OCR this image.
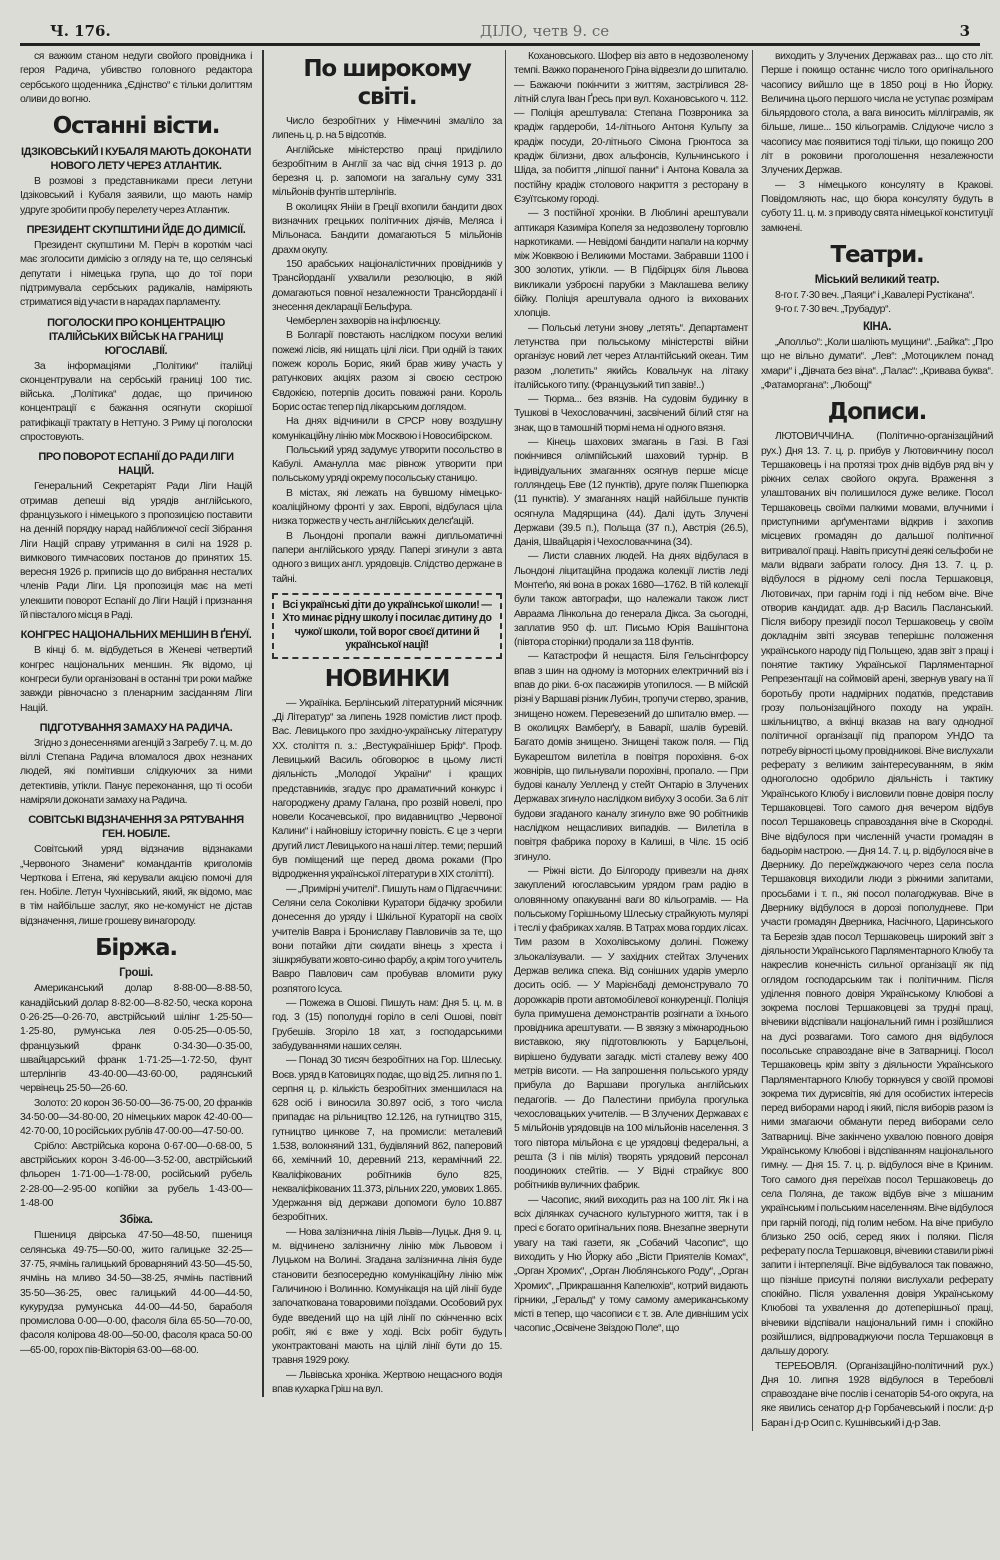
Ч. 176.	ДІЛО, четв 9. се	3

ся важким станом недуги свойого провідника і героя Радича, убивство головного редактора сербського щоденника „Єдінство“ є тільки долиттям оливи до вогню.

Останні вісти.
ІДЗІКОВСЬКИЙ І КУБАЛЯ МАЮТЬ ДОКОНАТИ НОВОГО ЛЕТУ ЧЕРЕЗ АТЛАНТИК.

В розмові з представниками преси летуни Ідзіковський і Кубаля заявили, що мають намір удруге зробити пробу перелету через Атлантик.

ПРЕЗИДЕНТ СКУПШТИНИ ЙДЕ ДО ДИМІСІЇ.

Президент скупштини М. Періч в короткім часі має зголосити димісію з огляду на те, що селянські депутати і німецька група, що до тої пори підтримувала сербських радикалів, наміряють стриматися від участи в нарадах парламенту.

ПОГОЛОСКИ ПРО КОНЦЕНТРАЦІЮ ІТАЛІЙСЬКИХ ВІЙСЬК НА ГРАНИЦІ ЮГОСЛАВІЇ.

За інформаціями „Політики“ італійці сконцентрували на сербській границі 100 тис. війська. „Політика“ додає, що причиною концентрації є бажання осягнути скорішої ратифікації трактату в Неттуно. З Риму ці поголоски спростовують.

ПРО ПОВОРОТ ЕСПАНІЇ ДО РАДИ ЛІГИ НАЦІЙ.

Генеральний Секретаріят Ради Ліги Націй отримав депеші від урядів англійського, французького і німецького з пропозицією поставити на денній порядку нарад найближчої сесії Зібрання Ліги Націй справу утримання в силі на 1928 р. вимкового тимчасових постанов до принятих 15. вересня 1926 р. приписів що до вибрання несталих членів Ради Ліги. Ця пропозиція має на меті улекшити поворот Еспанії до Ліги Націй і признання їй півсталого місця в Раді.

КОНГРЕС НАЦІОНАЛЬНИХ МЕНШИН В ҐЕНУЇ.

В кінці б. м. відбудеться в Женеві четвертий конгрес національних меншин. Як відомо, ці конгреси були організовані в останні три роки майже завжди рівночасно з пленарним засіданням Ліги Націй.

ПІДГОТУВАННЯ ЗАМАХУ НА РАДИЧА.

Згідно з донесеннями агенцій з Загребу 7. ц. м. до віллі Степана Радича вломалося двох незнаних людей, які помітивши слідкуючих за ними детективів, утікли. Панує переконання, що ті особи наміряли доконати замаху на Радича.

СОВІТСЬКІ ВІДЗНАЧЕННЯ ЗА РЯТУВАННЯ ГЕН. НОБІЛЕ.

Совітський уряд відзначив відзнаками „Червоного Знамени“ командантів криголомів Черткова і Еггена, які керували акцією помочі для ген. Нобіле. Летун Чухнівський, який, як відомо, має в тім найбільше заслуг, яко не-комуніст не дістав відзначення, лише грошеву винагороду.

Біржа.
Гроші.

Американський долар 8·88·00—8·88·50, канадійський долар 8·82·00—8·82·50, ческа корона 0·26·25—0·26·70, австрійський шілінг 1·25·50—1·25·80, румунська лея 0·05·25—0·05·50, французький франк 0·34·30—0·35·00, швайцарський франк 1·71·25—1·72·50, фунт штерлінгів 43·40·00—43·60·00, радянський червінець 25·50—26·60.

Золото: 20 корон 36·50·00—36·75·00, 20 франків 34·50·00—34·80·00, 20 німецьких марок 42·40·00—42·70·00, 10 російських рублів 47·00·00—47·50·00.

Срібло: Австрійська корона 0·67·00—0·68·00, 5 австрійських корон 3·46·00—3·52·00, австрійський фльорен 1·71·00—1·78·00, російський рубель 2·28·00—2·95·00 копійки за рубель 1·43·00—1·48·00

Збіжа.

Пшениця двірська 47·50—48·50, пшениця селянська 49·75—50·00, жито галицьке 32·25—37·75, ячмінь галицький броварняний 43·50—45·50, ячмінь на мливо 34·50—38·25, ячмінь пастівний 35·50—36·25, овес галицький 44·00—44·50, кукурудза румунська 44·00—44·50, бараболя промислова 0·00—0·00, фасоля біла 65·50—70·00, фасоля колірова 48·00—50·00, фасоля краса 50·00—65·00, горох пів-Вікторія 63·00—68·00.

По широкому світі.

Число безробітних у Німеччині змаліло за липень ц. р. на 5 відсотків.

Англійське міністерство праці приділило безробітним в Англії за час від січня 1913 р. до березня ц. р. запомоги на загальну суму 331 мільйонів фунтів штерлінгів.

В околицях Янііи в Греції вхопили бандити двох визначних грецьких політичних діячів, Меляса і Мільонаса. Бандити домагаються 5 мільйонів драхм окупу.

150 арабських націоналістичних провідників у Трансйорданії ухвалили резолюцію, в якій домагаються повної незалежности Трансйорданії і знесення декларації Бельфура.

Чемберлен захворів на інфлюєнцу.

В Болгарії повстають наслідком посухи великі пожежі лісів, які нищать цілі ліси. При одній із таких пожеж король Борис, який брав живу участь у ратункових акціях разом зі своєю сестрою Євдокією, потерпів досить поважні рани. Король Борис остає тепер під лікарським доглядом.

На днях відчинили в СРСР нову воздушну комунікаційну лінію між Москвою і Новосибірском.

Польський уряд задумує утворити посольство в Кабулі. Аманулла має рівнож утворити при польському уряді окрему посольську станицю.

В містах, які лежать на бувшому німецько-коаліційному фронті у зах. Европі, відбулася ціла низка торжеств у честь англійських делєґацій.

В Льондоні пропали важні дипльоматичні папери англійського уряду. Папері згинули з авта одного з вищих англ. урядовців. Слідство держане в тайні.

Всі українські діти до української школи! — Хто минає рідну школу і посилає дитину до чужої школи, той ворог своєї дитини й української нації!
НОВИНКИ

— Україніка. Берлінський літературний місячник „Ді Літератур“ за липень 1928 помістив лист проф. Вас. Левицького про західно-українську літературу XX. століття п. з.: „Вестукраїнішер Бріф“. Проф. Левицький Василь обговорює в цьому листі діяльність „Молодої України“ і кращих представників, згадує про драматичний конкурс і нагороджену драму Галана, про розвій новелі, про новели Косачевської, про видавництво „Червоної Калини“ і найновішу історичну повість. Є це з черги другий лист Левицького на наші літер. теми; перший був поміщений ще перед двома роками (Про відродження української літератури в XIX столітті).

— „Примірні учителі“. Пишуть нам о Підгаєччини: Селяни села Соколівки Куратори бідачку зробили донесення до уряду і Шкільної Кураторії на своїх учителів Вавра і Брониславу Павловичів за те, що вони потайки діти скидати вінець з хреста і зішкрябувати жовто-синю фарбу, а крім того учитель Вавро Павлович сам пробував вломити руку розпятого Ісуса.

— Пожежа в Ошові. Пишуть нам: Дня 5. ц. м. в год. 3 (15) пополудні горіло в селі Ошові, повіт Грубешів. Згоріло 18 хат, з господарськими забудуваннями наших селян.

— Понад 30 тисяч безробітних на Гор. Шлеську. Воєв. уряд в Катовицях подає, що від 25. липня по 1. серпня ц. р. кількість безробітних зменшилася на 628 осіб і виносила 30.897 осіб, з того числа припадає на рільництво 12.126, на гутництво 315, гутництво цинкове 7, на промисли: металевий 1.538, волокняний 131, будівляний 862, паперовий 66, хемічний 10, деревний 213, керамічний 22. Кваліфікованих робітників було 825, некваліфікованих 11.373, рільних 220, умових 1.865. Удержання від держави допомоги було 10.887 безробітних.

— Нова залізнична лінія Львів—Луцьк. Дня 9. ц. м. відчинено залізничну лінію між Львовом і Луцьком на Волині. Згадана залізнична лінія буде становити безпосередню комунікаційну лінію між Галичиною і Волинню. Комунікація на цій лінії буде започаткована товаровими поїздами. Особовий рух буде введений що на цій лінії по скінченню всіх робіт, які є вже у ході. Всіх робіт будуть уконтрактовані мають на цілій лінії бути до 15. травня 1929 року.

— Львівська хроніка. Жертвою нещасного водія впав кухарка Гріш на вул.

Кохановського. Шофер віз авто в недозволеному темпі. Важко пораненого Гріна відвезли до шпиталю. — Бажаючи покінчити з життям, застрілився 28-літній слуга Іван Ґресь при вул. Кохановського ч. 112. — Поліція арештувала: Степана Позвроника за крадіж гардероби, 14-літнього Антоня Кульпу за крадіж посуди, 20-літнього Сімона Грюнтоса за крадіж білизни, двох альфонсів, Кульчинського і Шіда, за побиття „ліпшої панни“ і Антона Ковала за постійну крадіж столового накриття з ресторану в Єзуїтському городі.

— З постійної хроніки. В Люблині арештували аптикаря Казиміра Копеля за недозволену торговлю наркотиками. — Невідомі бандити напали на корчму між Жовквою і Великими Мостами. Забравши 1100 і 300 золотих, утікли. — В Підбірцях біля Львова викликали узброєні парубки з Маклашева велику бійку. Поліція арештувала одного із вихованих хлопців.

— Польські летуни знову „летять“. Департамент летунства при польському міністерстві війни організує новий лет через Атлантійський океан. Тим разом „полетить“ якийсь Ковальчук на літаку італійського типу. (Французький тип завів!..)

— Тюрма... без вязнів. На судовім будинку в Тушкові в Чехословаччині, засвічений білий стяг на знак, що в тамошній тюрмі нема ні одного вязня.

— Кінець шахових змагань в Газі. В Газі покінчився олімпійський шаховий турнір. В індивідуальних змаганнях осягнув перше місце голляндець Еве (12 пунктів), друге поляк Пшепюрка (11 пунктів). У змаганнях націй найбільше пунктів осягнула Мадярщина (44). Далі ідуть Злучені Держави (39.5 п.), Польща (37 п.), Австрія (26.5), Данія, Швайцарія і Чехословаччина (34).

— Листи славних людей. На днях відбулася в Льондоні ліцитаційна продажа колекції листів леді Монтеґю, які вона в роках 1680—1762. В тій колекції були також автографи, що належали також лист Авраама Лінкольна до генерала Дікса. За сьогодні, заплатив 950 ф. шт. Письмо Юрія Вашінгтона (півтора сторінки) продали за 118 фунтів.

— Катастрофи й нещастя. Біля Гельсінгфорсу впав з шин на одному із моторних електричний віз і впав до ріки. 6-ох пасажирів утопилося. — В мійскій різні у Варшаві різник Лубин, тропучи стерво, зранив, знищено ножем. Перевезений до шпиталю вмер. — В околицях Вамберґу, в Баварії, шалів буревій. Багато домів знищено. Знищені також поля. — Під Букарештом вилетіла в повітря порохівня. 6-ох жовнірів, що пильнували порохівні, пропало. — При будові каналу Уелленд у стейт Онтаріо в Злучених Державах згинуло наслідком вибуху 3 особи. За 6 літ будови згаданого каналу згинуло вже 90 робітників наслідком нещасливих випадків. — Вилетіла в повітря фабрика пороху в Калиші, в Чілє. 15 осіб згинуло.

— Ріжні вісти. До Білгороду привезли на днях закуплений югославським урядом грам радію в оловянному опакуванні ваги 80 кільограмів. — На польському Горішньому Шлеську страйкують мулярі і теслі у фабриках халяв. В Татрах мова гордих лісах. Тим разом в Хохолівському долині. Пожежу зльокалізували. — У західних стейтах Злучених Держав велика спека. Від сонішних ударів умерло досить осіб. — У Марієнбаді демонструвало 70 дорожкарів проти автомобілевої конкуренції. Поліція була примушена демонстрантів розігнати а їхнього провідника арештувати. — В звязку з міжнародньою виставкою, яку підготовлюють у Барцельоні, вирішено будувати загадк. місті сталеву вежу 400 метрів висоти. — На запрошення польського уряду прибула до Варшави прогулька англійських педагогів. — До Палестини прибула прогулька чехословацьких учителів. — В Злучених Державах є 5 мільйонів урядовців на 100 мільйонів населення. З того півтора мільйона є це урядовці федеральні, а решта (3 і пів мілія) творять урядовий персонал поодиноких стейтів. — У Відні страйкує 800 робітників вуличних фабрик.

— Часопис, який виходить раз на 100 літ. Як і на всіх ділянках сучасного культурного життя, так і в пресі є богато оригінальних появ. Внезапне звернути увагу на такі газети, як „Собачий Часопис“, що виходить у Ню Йорку або „Вісти Приятелів Комах“, „Орган Хромих“, „Орган Люблянського Роду“, „Орган Хромих“, „Прикрашання Капелюхів“, котрий видають гірники, „Геральд“ у тому самому американському місті в тепер, що часописи є т. зв. Але дивнішим усіх часопис „Освічене Звіздою Поле“, що

виходить у Злучених Державах раз... що сто літ. Перше і покищо останнє число того оригінального часопису вийшло ще в 1850 році в Ню Йорку. Величина цього першого числа не уступає розмірам більярдового стола, а вага виносить мілліграмів, як більше, лише... 150 кільограмів. Слідуюче число з часопису має появитися тоді тільки, що покищо 200 літ в роковини проголошення незалежности Злучених Держав.

— З німецького консуляту в Кракові. Повідомляють нас, що бюра консуляту будуть в суботу 11. ц. м. з приводу свята німецької конституції замкнені.

Театри.
Міський великий театр.

8-го г. 7·30 веч. „Паяци“ і „Кавалері Рустікана“.

9-го г. 7·30 веч. „Трубадур“.

КІНА.

„Аполльо“: „Коли шаліють мущини“. „Байка“: „Про що не вільно думати“. „Лев“: „Мотоциклем понад хмари“ і „Дівчата без віна“. „Палас“: „Кривава буква“. „Фатаморгана“: „Любощі“

Дописи.

ЛЮТОВИЧЧИНА. (Політично-організаційний рух.) Дня 13. 7. ц. р. прибув у Лютовиччину посол Тершаковець і на протязі трох днів відбув ряд віч у ріжних селах свойого округа. Враження з улаштованих віч полишилося дуже велике. Посол Тершаковець своїми палкими мовами, влучними і приступними арґументами відкрив і захопив місцевих громадян до дальшої політичної витривалої праці. Навіть присутні деякі сельфоби не мали відваги забрати голосу. Дня 13. 7. ц. р. відбулося в рідному селі посла Тершаковця, Лютовичах, при гарнім годі і під небом віче. Віче отворив кандидат. адв. д-р Василь Пасланський. Після вибору президії посол Тершаковець у своїм докладнім звіті зясував теперішнє положення українського народу під Польщею, здав звіт з праці і понятие тактику Української Парляментарної Репрезентації на соймовій арені, звернув увагу на її боротьбу проти надмірних податків, представив грозу польонізаційного походу на україн. шкільництво, а вкінці вказав на вагу однодної політичної організації під прапором УНДО та потребу вірності цьому провідникові. Віче вислухали реферату з великим заінтересуванням, в якім одноголосно одобрило діяльність і тактику Українського Клюбу і висловили повне довіря послу Тершаковцеві. Того самого дня вечером відбув посол Тершаковець справоздання віче в Скородні. Віче відбулося при численній участи громадян в бадьорім настрою. — Дня 14. 7. ц. р. відбулося віче в Двернику. До переїжджаючого через села посла Тершаковця виходили люди з ріжними запитами, просьбами і т. п., які посол полагоджував. Віче в Двернику відбулося в дорозі пополудневе. При участи громадян Дверника, Насічного, Царинського та Березів здав посол Тершаковець широкий звіт з діяльности Українського Парляментарного Клюбу та накреслив конечність сильної організації як під оглядом господарським так і політичним. Після уділення повного довіря Українському Клюбові а зокрема послові Тершаковцеві за трудні праці, вічевики відспівали національний гимн і розійшлися на дусі розвагами. Того самого дня відбулося посольське справоздане віче в Затварниці. Посол Тершаковець крім звіту з діяльности Українського Парляментарного Клюбу торкнувся у своїй промові зокрема тих дурисвітів, які для особистих інтересів перед виборами народ і який, після виборів разом із ними змагаючи обманути перед виборами село Затварниці. Віче закінчено ухвалою повного довіря Українському Клюбові і відспіванням національного гимну. — Дня 15. 7. ц. р. відбулося віче в Криним. Того самого дня переїхав посол Тершаковець до села Поляна, де також відбув віче з мішаним українським і польським населенням. Віче відбулося при гарній погоді, під голим небом. На віче прибуло близько 250 осіб, серед яких і поляки. Після реферату посла Тершаковця, вічевики ставили ріжні запити і інтерпеляції. Віче відбувалося так поважно, що пізніше присутні поляки вислухали реферату спокійно. Після ухвалення довіря Українському Клюбові та ухвалення до дотеперішньої праці, вічевики відспівали національний гимн і спокійно розійшлися, відпроваджуючи посла Тершаковця в дальшу дорогу.

ТЕРЕБОВЛЯ. (Організаційно-політичний рух.) Дня 10. липня 1928 відбулося в Теребовлі справоздане віче послів і сенаторів 54-ого округа, на яке явились сенатор д-р Горбачевський і посли: д-р Баран і д-р Осип с. Кушнівський і д-р Зав.
